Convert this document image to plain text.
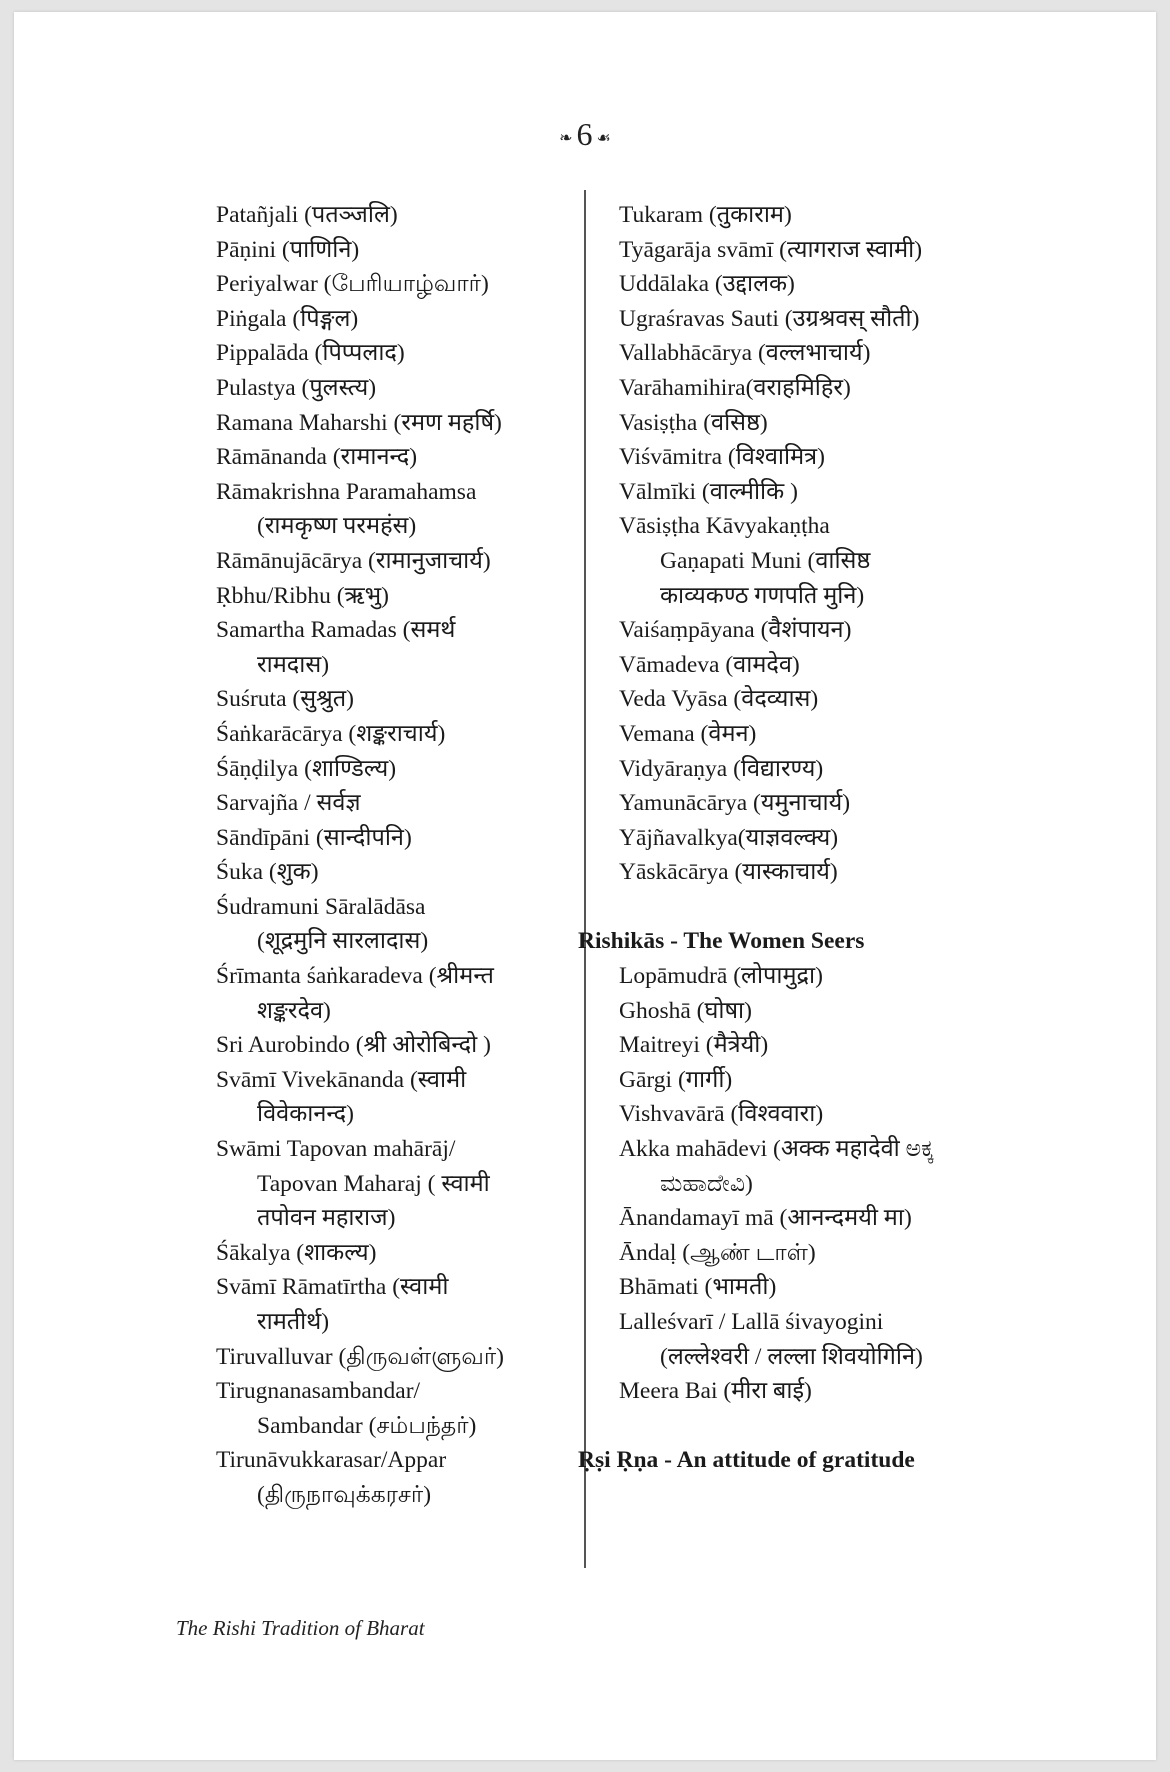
❧ 6 ☙
Patañjali (पतञ्जलि)
Pāṇini (पाणिनि)
Periyalwar (பேரியாழ்வார்)
Piṅgala (पिङ्गल)
Pippalāda (पिप्पलाद)
Pulastya (पुलस्त्य)
Ramana Maharshi (रमण महर्षि)
Rāmānanda (रामानन्द)
Rāmakrishna Paramahamsa
(रामकृष्ण परमहंस)
Rāmānujācārya (रामानुजाचार्य)
Ṛbhu/Ribhu (ऋभु)
Samartha Ramadas (समर्थ
रामदास)
Suśruta (सुश्रुत)
Śaṅkarācārya (शङ्कराचार्य)
Śāṇḍilya (शाण्डिल्य)
Sarvajña / सर्वज्ञ
Sāndīpāni (सान्दीपनि)
Śuka (शुक)
Śudramuni Sāralādāsa
(शूद्रमुनि सारलादास)
Śrīmanta śaṅkaradeva (श्रीमन्त
शङ्करदेव)
Sri Aurobindo (श्री ओरोबिन्दो )
Svāmī Vivekānanda (स्वामी
विवेकानन्द)
Swāmi Tapovan mahārāj/
Tapovan Maharaj ( स्वामी
तपोवन महाराज)
Śākalya (शाकल्य)
Svāmī Rāmatīrtha (स्वामी
रामतीर्थ)
Tiruvalluvar (திருவள்ளுவர்)
Tirugnanasambandar/
Sambandar (சம்பந்தர்)
Tirunāvukkarasar/Appar
(திருநாவுக்கரசர்)
Tukaram (तुकाराम)
Tyāgarāja svāmī (त्यागराज स्वामी)
Uddālaka (उद्दालक)
Ugraśravas Sauti (उग्रश्रवस् सौती)
Vallabhācārya (वल्लभाचार्य)
Varāhamihira(वराहमिहिर)
Vasiṣṭha (वसिष्ठ)
Viśvāmitra (विश्वामित्र)
Vālmīki (वाल्मीकि )
Vāsiṣṭha Kāvyakaṇṭha
Gaṇapati Muni (वासिष्ठ
काव्यकण्ठ गणपति मुनि)
Vaiśaṃpāyana (वैशंपायन)
Vāmadeva (वामदेव)
Veda Vyāsa (वेदव्यास)
Vemana (वेमन)
Vidyāraṇya (विद्यारण्य)
Yamunācārya (यमुनाचार्य)
Yājñavalkya(याज्ञवल्क्य)
Yāskācārya (यास्काचार्य)
Rishikās - The Women Seers
Lopāmudrā (लोपामुद्रा)
Ghoshā (घोषा)
Maitreyi (मैत्रेयी)
Gārgi (गार्गी)
Vishvavārā (विश्ववारा)
Akka mahādevi (अक्क महादेवी ಅಕ್ಕ
ಮಹಾದೇವಿ)
Ānandamayī mā (आनन्दमयी मा)
Āndaḷ (ஆண் டாள்)
Bhāmati (भामती)
Lalleśvarī / Lallā śivayogini
(लल्लेश्वरी / लल्ला शिवयोगिनि)
Meera Bai (मीरा बाई)
Ṛṣi Ṛṇa - An attitude of gratitude
The Rishi Tradition of Bharat
